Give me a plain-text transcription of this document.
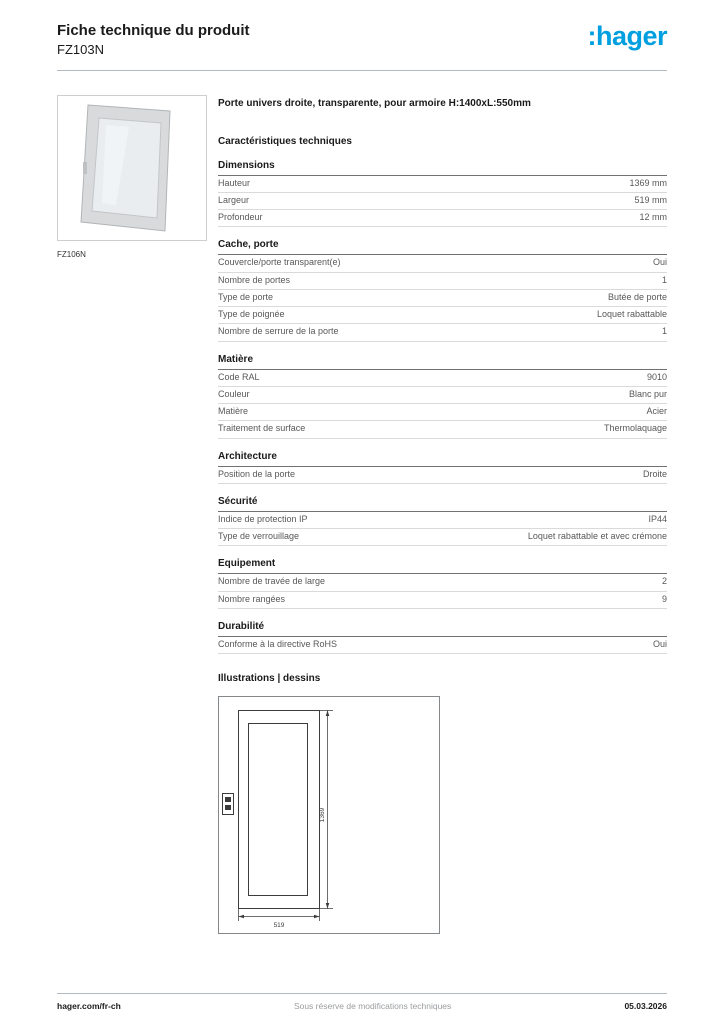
Fiche technique du produit
FZ103N	:hager
FZ106N
Porte univers droite, transparente, pour armoire H:1400xL:550mm
Caractéristiques techniques
Dimensions
Hauteur	1369 mm
Largeur	519 mm
Profondeur	12 mm
Cache, porte
Couvercle/porte transparent(e)	Oui
Nombre de portes	1
Type de porte	Butée de porte
Type de poignée	Loquet rabattable
Nombre de serrure de la porte	1
Matière
Code RAL	9010
Couleur	Blanc pur
Matière	Acier
Traitement de surface	Thermolaquage
Architecture
Position de la porte	Droite
Sécurité
Indice de protection IP	IP44
Type de verrouillage	Loquet rabattable et avec crémone
Equipement
Nombre de travée de large	2
Nombre rangées	9
Durabilité
Conforme à la directive RoHS	Oui
Illustrations | dessins
1369
519
hager.com/fr-ch	Sous réserve de modifications techniques	05.03.2026
